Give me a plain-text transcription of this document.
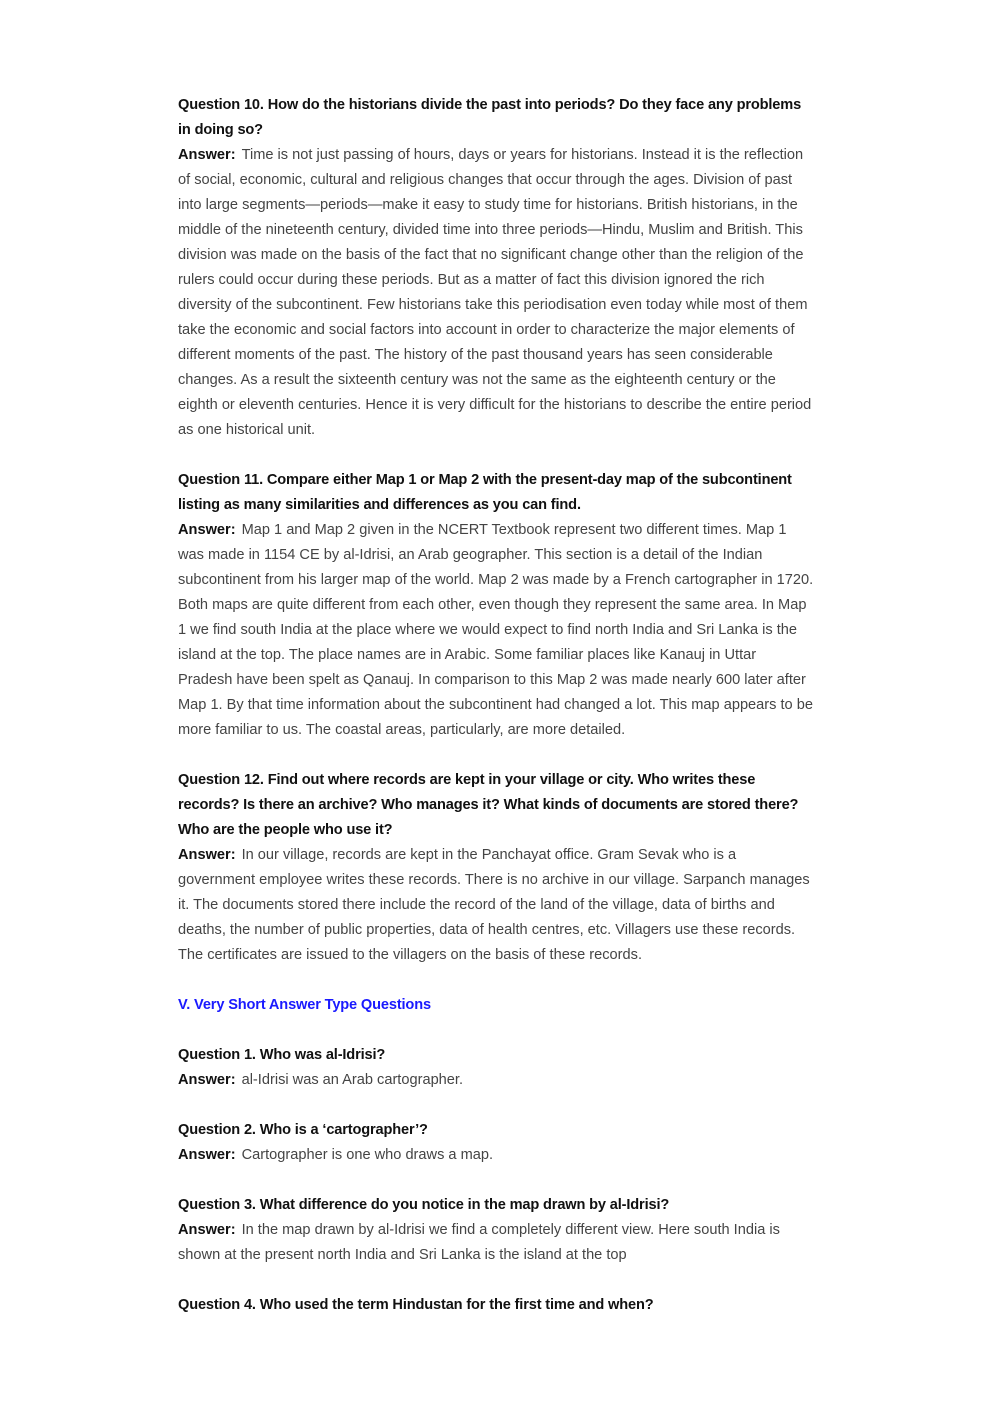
Question 10. How do the historians divide the past into periods? Do they face any problems in doing so?

Answer: Time is not just passing of hours, days or years for historians. Instead it is the reflection of social, economic, cultural and religious changes that occur through the ages. Division of past into large segments—periods—make it easy to study time for historians. British historians, in the middle of the nineteenth century, divided time into three periods—Hindu, Muslim and British. This division was made on the basis of the fact that no significant change other than the religion of the rulers could occur during these periods. But as a matter of fact this division ignored the rich diversity of the subcontinent. Few historians take this periodisation even today while most of them take the economic and social factors into account in order to characterize the major elements of different moments of the past. The history of the past thousand years has seen considerable changes. As a result the sixteenth century was not the same as the eighteenth century or the eighth or eleventh centuries. Hence it is very difficult for the historians to describe the entire period as one historical unit.

Question 11. Compare either Map 1 or Map 2 with the present-day map of the subcontinent listing as many similarities and differences as you can find.

Answer: Map 1 and Map 2 given in the NCERT Textbook represent two different times. Map 1 was made in 1154 CE by al-Idrisi, an Arab geographer. This section is a detail of the Indian subcontinent from his larger map of the world. Map 2 was made by a French cartographer in 1720. Both maps are quite different from each other, even though they represent the same area. In Map 1 we find south India at the place where we would expect to find north India and Sri Lanka is the island at the top. The place names are in Arabic. Some familiar places like Kanauj in Uttar Pradesh have been spelt as Qanauj. In comparison to this Map 2 was made nearly 600 later after Map 1. By that time information about the subcontinent had changed a lot. This map appears to be more familiar to us. The coastal areas, particularly, are more detailed.

Question 12. Find out where records are kept in your village or city. Who writes these records? Is there an archive? Who manages it? What kinds of documents are stored there? Who are the people who use it?

Answer: In our village, records are kept in the Panchayat office. Gram Sevak who is a government employee writes these records. There is no archive in our village. Sarpanch manages it. The documents stored there include the record of the land of the village, data of births and deaths, the number of public properties, data of health centres, etc. Villagers use these records. The certificates are issued to the villagers on the basis of these records.

V. Very Short Answer Type Questions

Question 1. Who was al-Idrisi?

Answer: al-Idrisi was an Arab cartographer.

Question 2. Who is a ‘cartographer’?

Answer: Cartographer is one who draws a map.

Question 3. What difference do you notice in the map drawn by al-Idrisi?

Answer: In the map drawn by al-Idrisi we find a completely different view. Here south India is shown at the present north India and Sri Lanka is the island at the top

Question 4. Who used the term Hindustan for the first time and when?
